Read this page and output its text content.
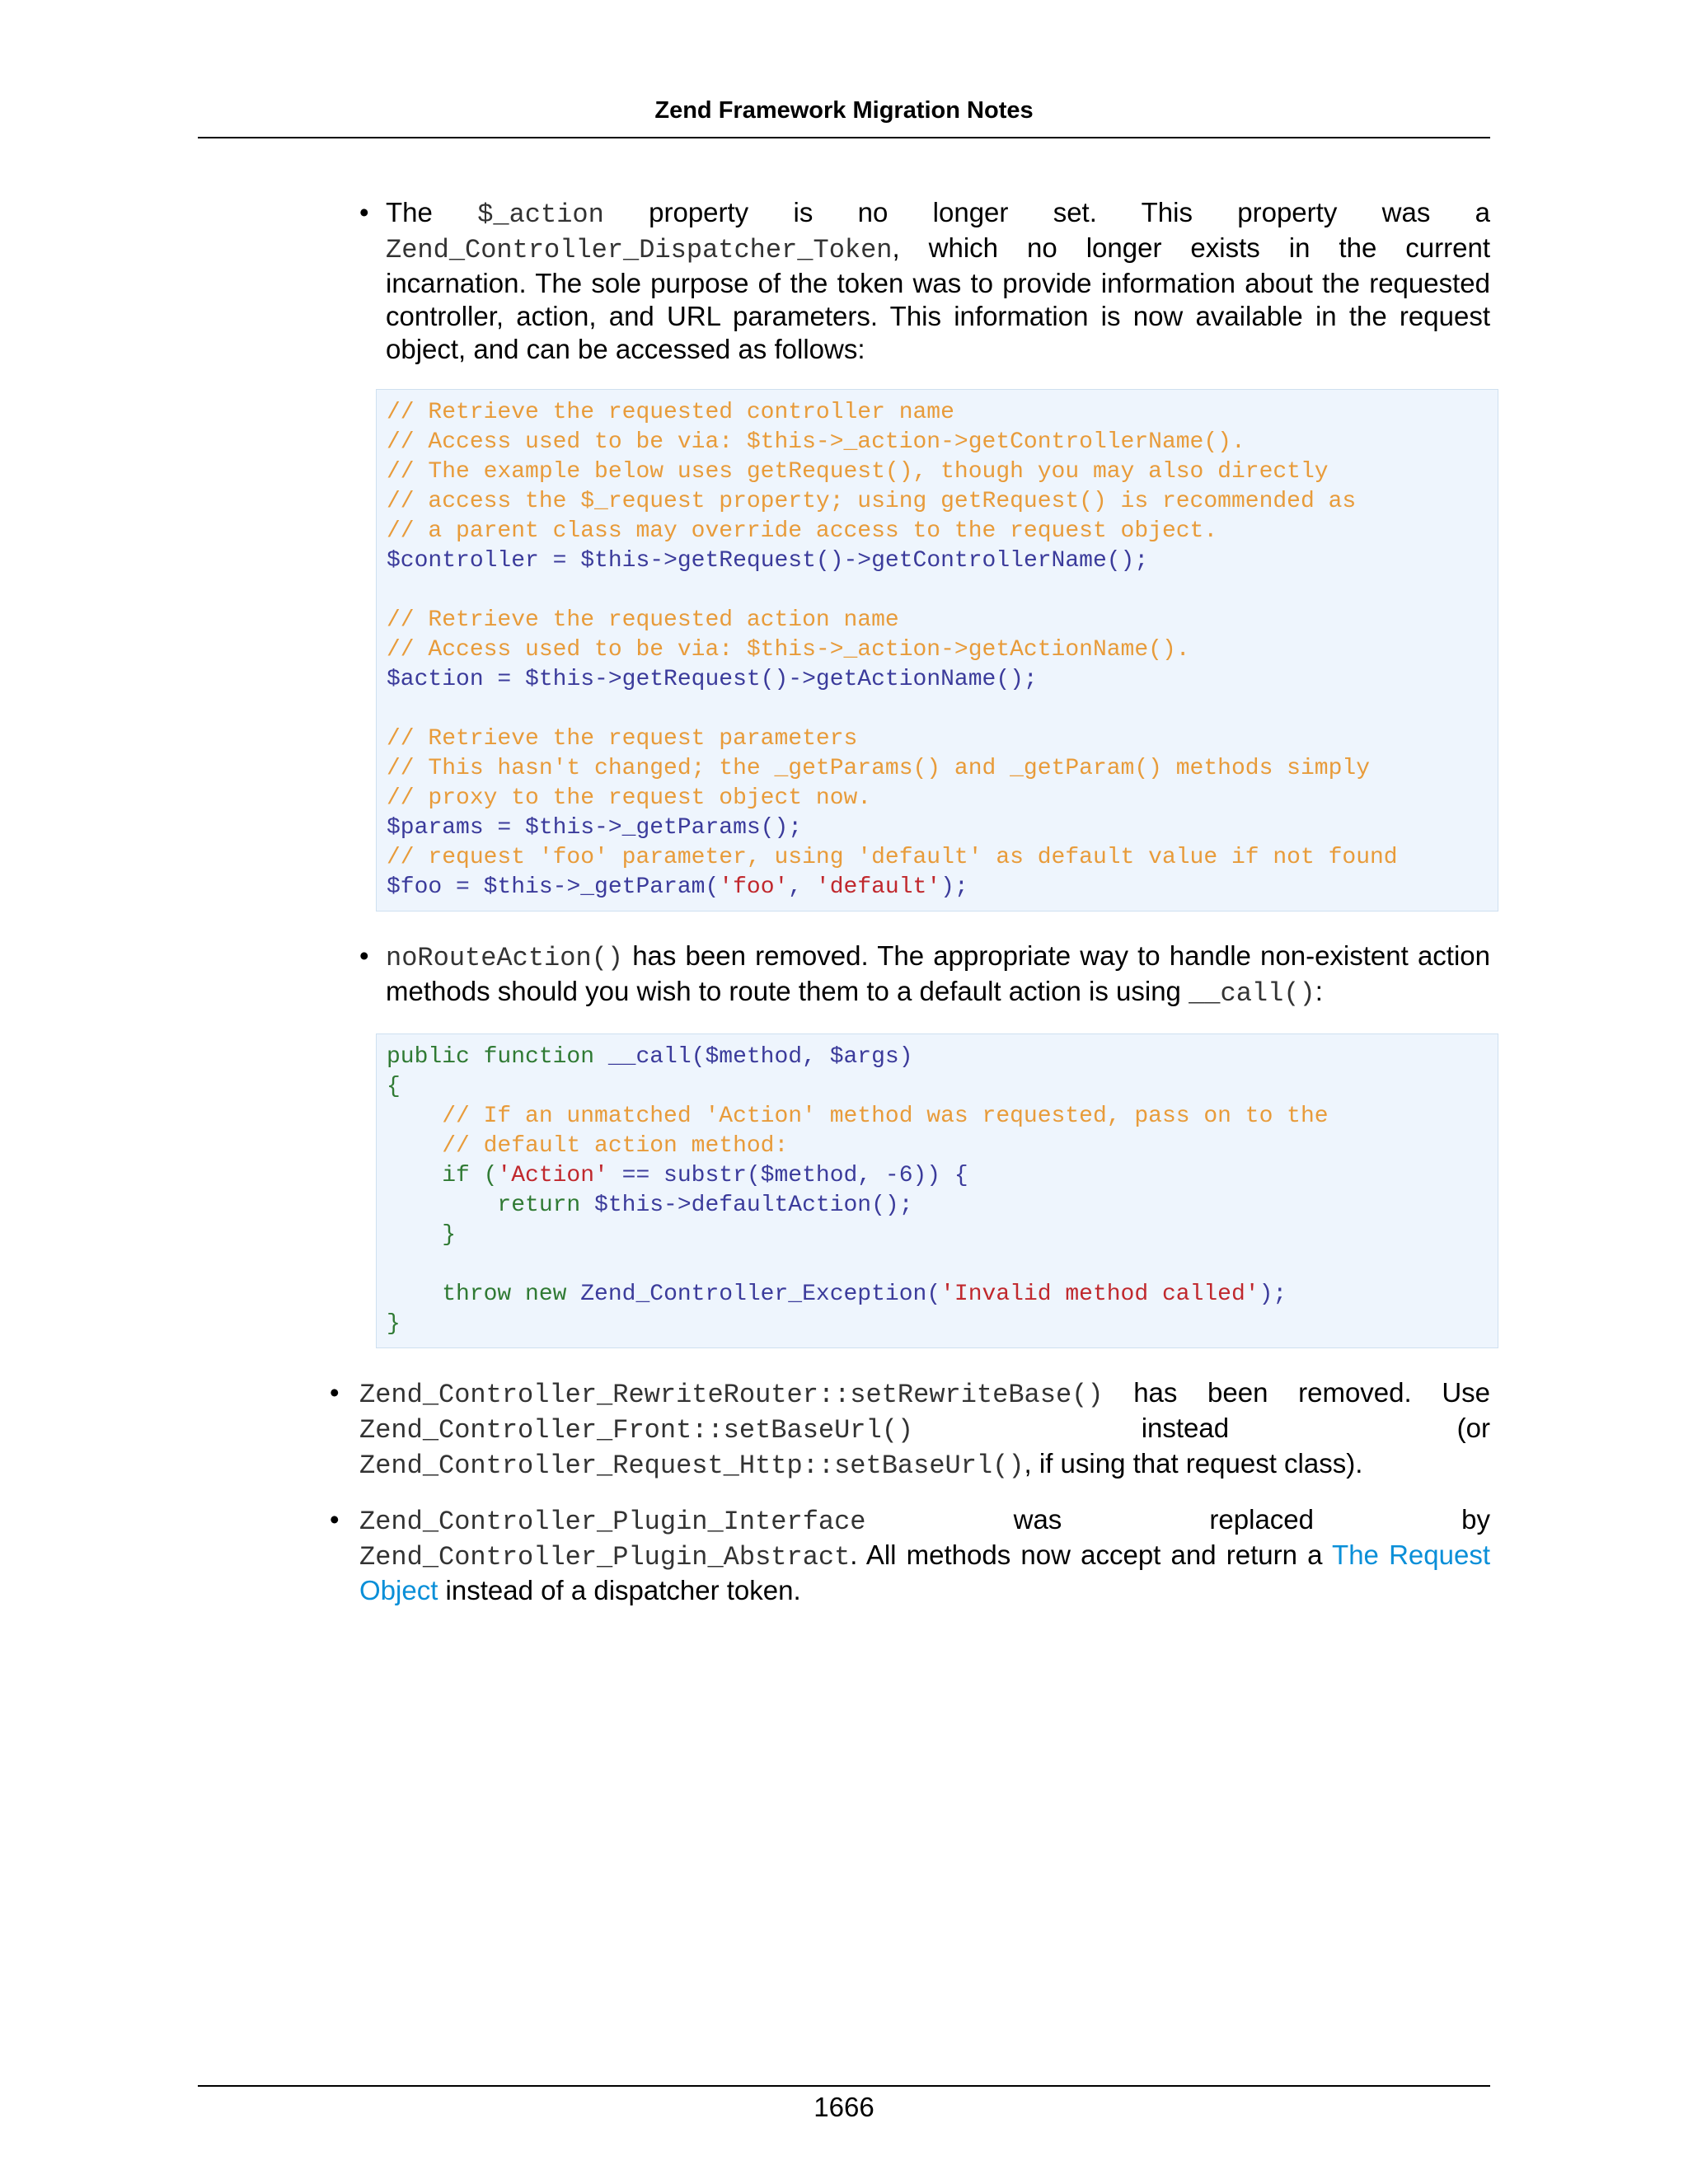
Zend Framework Migration Notes
• The $_action property is no longer set. This property was a
Zend_Controller_Dispatcher_Token, which no longer exists in the current
incarnation. The sole purpose of the token was to provide information about the requested
controller, action, and URL parameters. This information is now available in the request
object, and can be accessed as follows:
// Retrieve the requested controller name
// Access used to be via: $this->_action->getControllerName().
// The example below uses getRequest(), though you may also directly
// access the $_request property; using getRequest() is recommended as
// a parent class may override access to the request object.
$controller = $this->getRequest()->getControllerName();

// Retrieve the requested action name
// Access used to be via: $this->_action->getActionName().
$action = $this->getRequest()->getActionName();

// Retrieve the request parameters
// This hasn't changed; the _getParams() and _getParam() methods simply
// proxy to the request object now.
$params = $this->_getParams();
// request 'foo' parameter, using 'default' as default value if not found
$foo = $this->_getParam('foo', 'default');
• noRouteAction() has been removed. The appropriate way to handle non-existent action
methods should you wish to route them to a default action is using __call():
public function __call($method, $args)
{
// If an unmatched 'Action' method was requested, pass on to the
// default action method:
if ('Action' == substr($method, -6)) {
return $this->defaultAction();
}

throw new Zend_Controller_Exception('Invalid method called');
}
• Zend_Controller_RewriteRouter::setRewriteBase() has been removed. Use
Zend_Controller_Front::setBaseUrl()	instead (or
Zend_Controller_Request_Http::setBaseUrl(), if using that request class).
• Zend_Controller_Plugin_Interface	was replaced by
Zend_Controller_Plugin_Abstract. All methods now accept and return a The Request
Object instead of a dispatcher token.
1666
